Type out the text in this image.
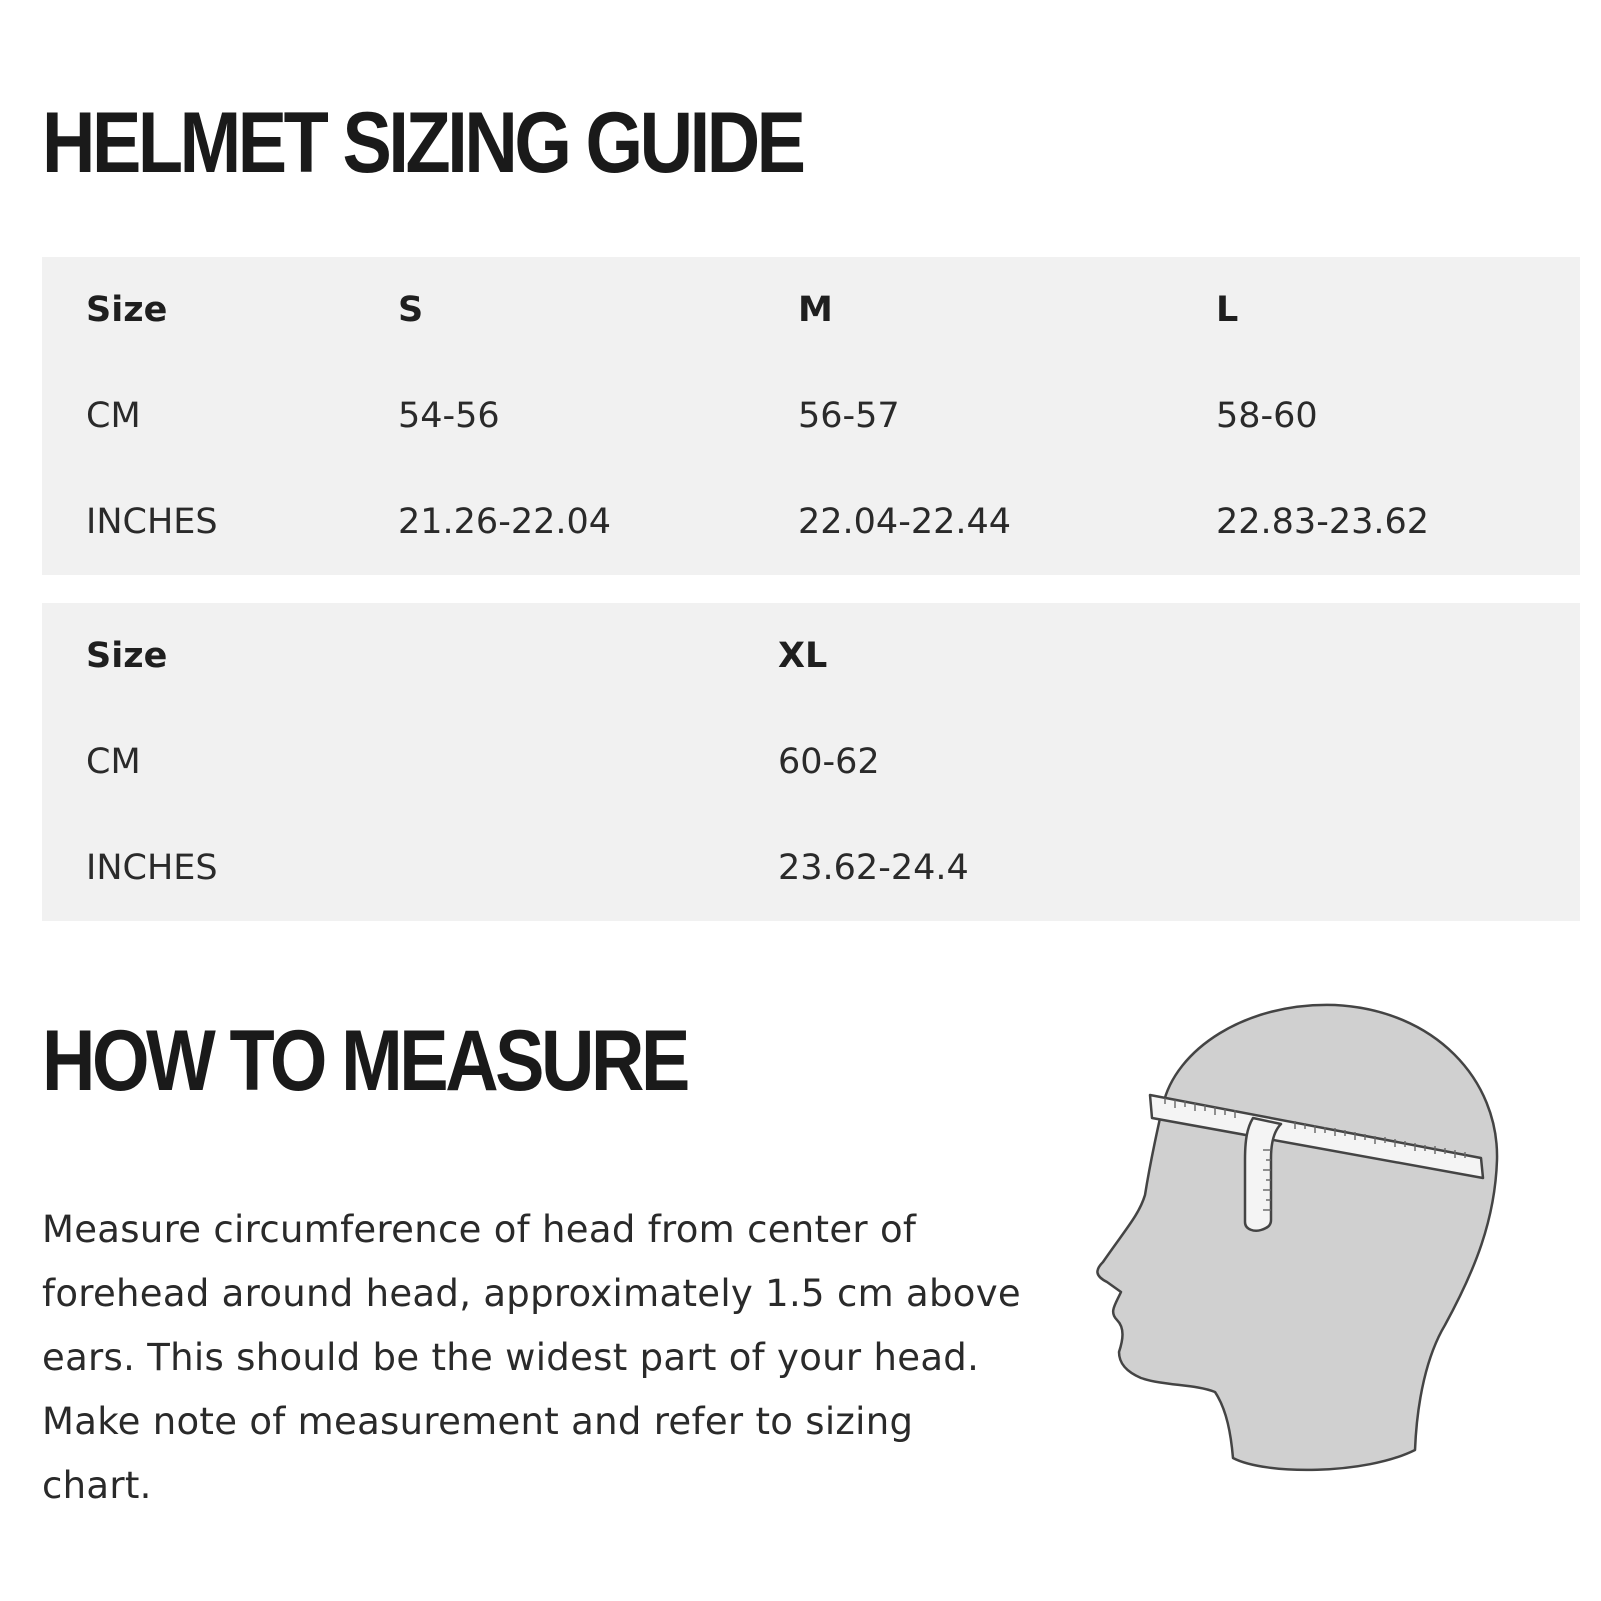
HELMET SIZING GUIDE
Size	S	M	L
CM	54-56	56-57	58-60
INCHES	21.26-22.04	22.04-22.44	22.83-23.62
Size	XL
CM	60-62
INCHES	23.62-24.4
HOW TO MEASURE

Measure circumference of head from center of forehead around head, approximately 1.5 cm above ears. This should be the widest part of your head. Make note of measurement and refer to sizing chart.
